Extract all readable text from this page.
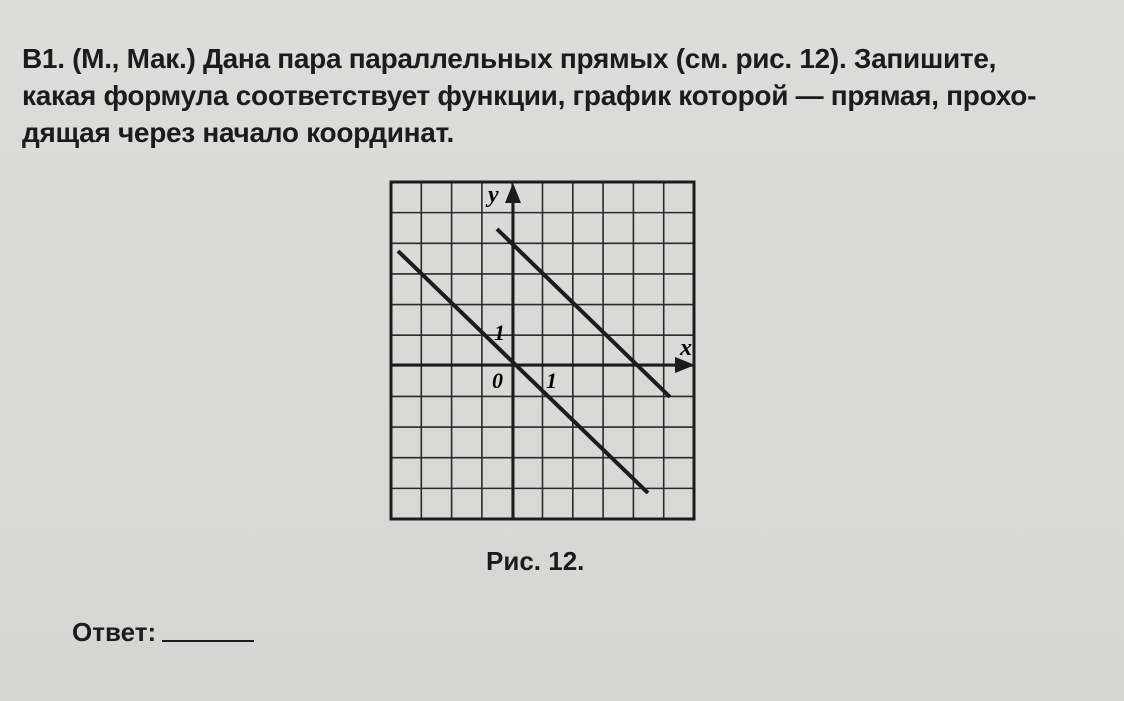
B1. (М., Мак.) Дана пара параллельных прямых (см. рис. 12). Запишите,
какая формула соответствует функции, график которой — прямая, прохо-
дящая через начало координат.
y
x
0 1
1
Рис. 12.
Ответ:
